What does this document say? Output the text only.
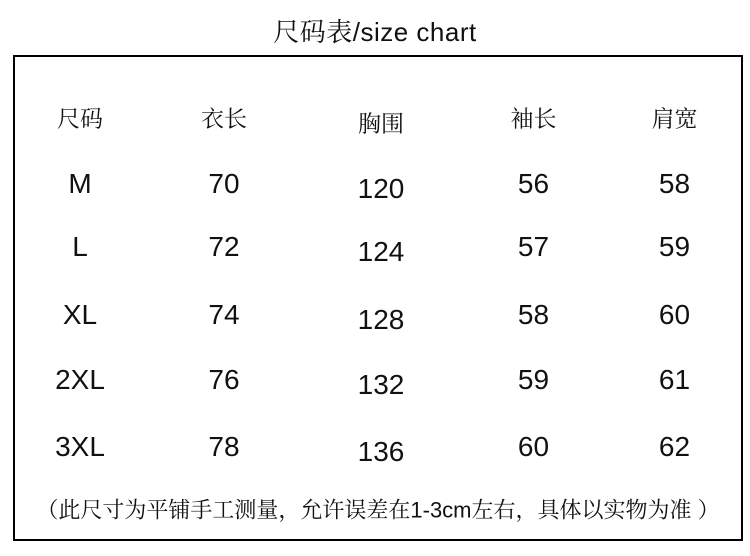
尺码表/size chart
尺码	衣长	胸围	袖长	肩宽
M	70	120	56	58
L	72	124	57	59
XL	74	128	58	60
2XL	76	132	59	61
3XL	78	136	60	62
（此尺寸为平铺手工测量，允许误差在1-3cm左右，具体以实物为准 ）
